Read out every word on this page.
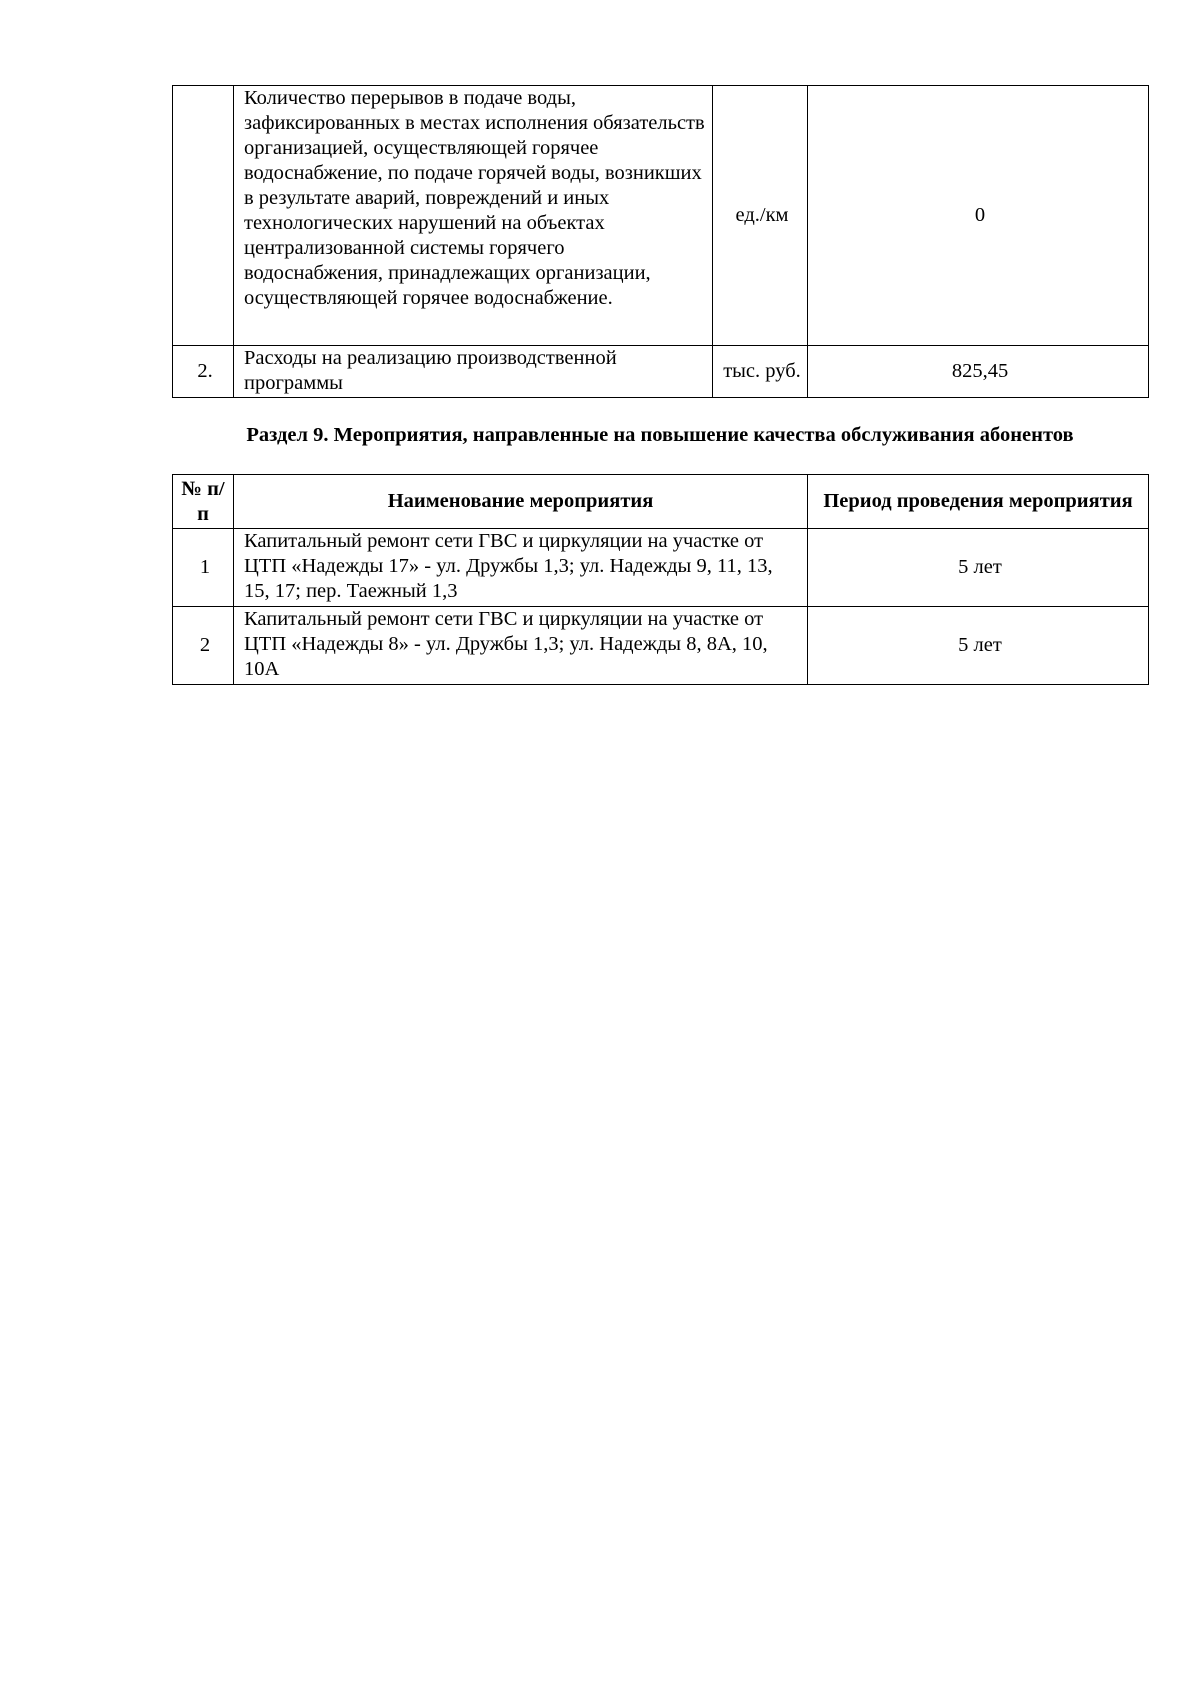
	Количество перерывов в подаче воды, зафиксированных в местах исполнения обязательств организацией, осуществляющей горячее водоснабжение, по подаче горячей воды, возникших в результате аварий, повреждений и иных технологических нарушений на объектах централизованной системы горячего водоснабжения, принадлежащих организации, осуществляющей горячее водоснабжение.	ед./км	0
2.	Расходы на реализацию производственной программы	тыс. руб.	825,45

Раздел 9. Мероприятия, направленные на повышение качества обслуживания абонентов

№ п/п	Наименование мероприятия	Период проведения мероприятия
1	Капитальный ремонт сети ГВС и циркуляции на участке от ЦТП «Надежды 17» - ул. Дружбы 1,3; ул. Надежды 9, 11, 13, 15, 17; пер. Таежный 1,3	5 лет
2	Капитальный ремонт сети ГВС и циркуляции на участке от ЦТП «Надежды 8» - ул. Дружбы 1,3; ул. Надежды 8, 8А, 10, 10А	5 лет
